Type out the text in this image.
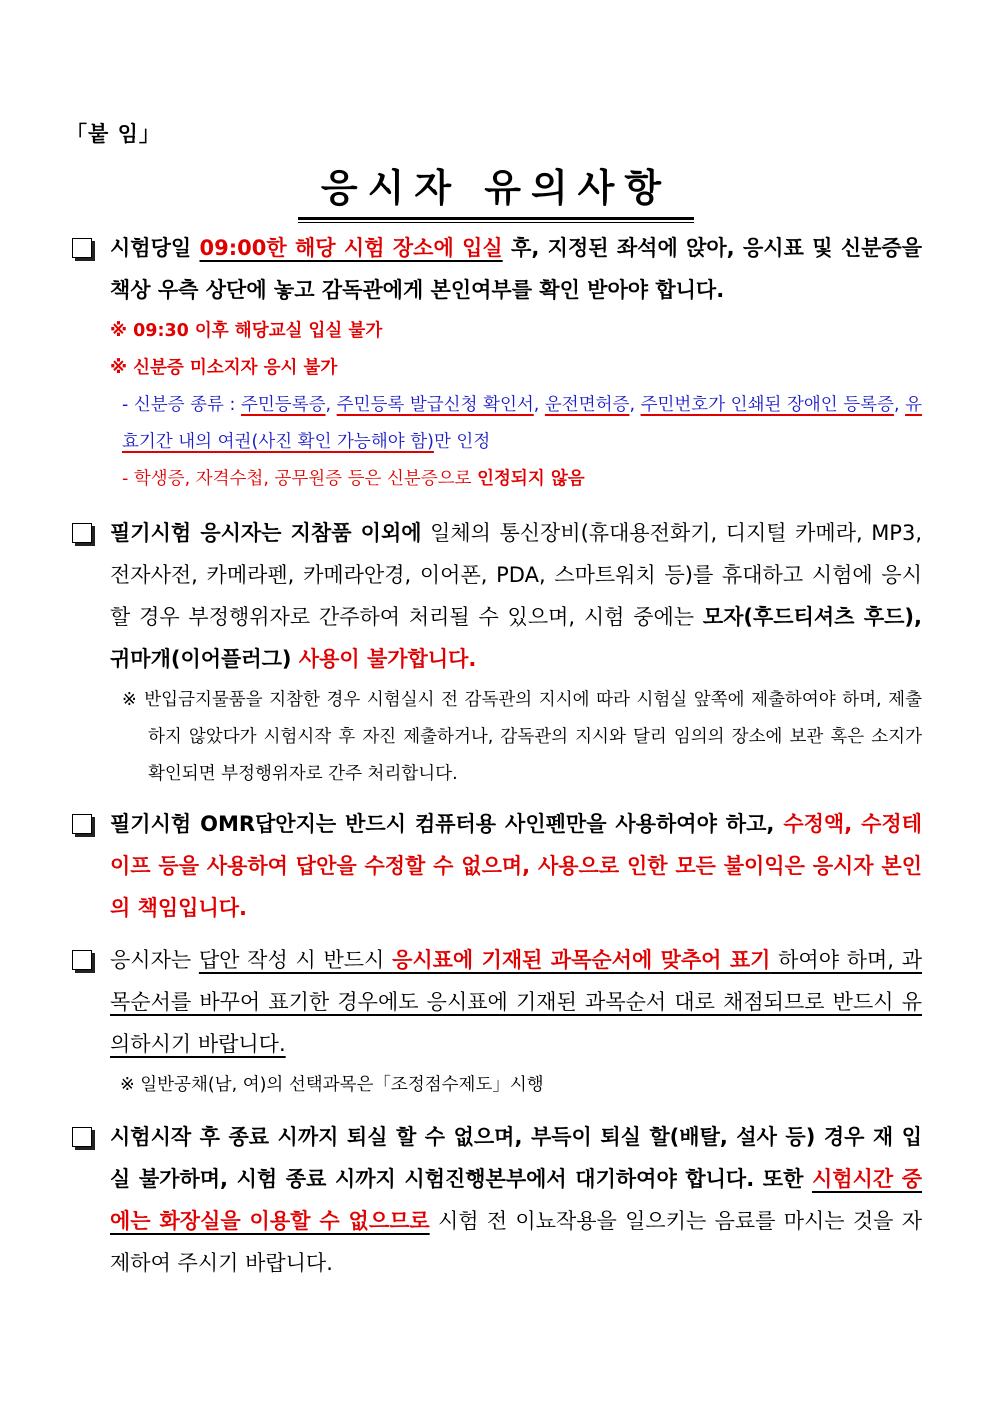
「붙 임」
응시자 유의사항
시험당일 09:00한 해당 시험 장소에 입실 후, 지정된 좌석에 앉아, 응시표 및 신분증을 책상 우측 상단에 놓고 감독관에게 본인여부를 확인 받아야 합니다.
※ 09:30 이후 해당교실 입실 불가
※ 신분증 미소지자 응시 불가
- 신분증 종류 : 주민등록증, 주민등록 발급신청 확인서, 운전면허증, 주민번호가 인쇄된 장애인 등록증, 유효기간 내의 여권(사진 확인 가능해야 함)만 인정
- 학생증, 자격수첩, 공무원증 등은 신분증으로 인정되지 않음
필기시험 응시자는 지참품 이외에 일체의 통신장비(휴대용전화기, 디지털 카메라, MP3, 전자사전, 카메라펜, 카메라안경, 이어폰, PDA, 스마트워치 등)를 휴대하고 시험에 응시할 경우 부정행위자로 간주하여 처리될 수 있으며, 시험 중에는 모자(후드티셔츠 후드), 귀마개(이어플러그) 사용이 불가합니다.
※ 반입금지물품을 지참한 경우 시험실시 전 감독관의 지시에 따라 시험실 앞쪽에 제출하여야 하며, 제출하지 않았다가 시험시작 후 자진 제출하거나, 감독관의 지시와 달리 임의의 장소에 보관 혹은 소지가 확인되면 부정행위자로 간주 처리합니다.
필기시험 OMR답안지는 반드시 컴퓨터용 사인펜만을 사용하여야 하고, 수정액, 수정테이프 등을 사용하여 답안을 수정할 수 없으며, 사용으로 인한 모든 불이익은 응시자 본인의 책임입니다.
응시자는 답안 작성 시 반드시 응시표에 기재된 과목순서에 맞추어 표기 하여야 하며, 과목순서를 바꾸어 표기한 경우에도 응시표에 기재된 과목순서 대로 채점되므로 반드시 유의하시기 바랍니다.
※ 일반공채(남, 여)의 선택과목은「조정점수제도」시행
시험시작 후 종료 시까지 퇴실 할 수 없으며, 부득이 퇴실 할(배탈, 설사 등) 경우 재 입실 불가하며, 시험 종료 시까지 시험진행본부에서 대기하여야 합니다. 또한 시험시간 중에는 화장실을 이용할 수 없으므로 시험 전 이뇨작용을 일으키는 음료를 마시는 것을 자제하여 주시기 바랍니다.
